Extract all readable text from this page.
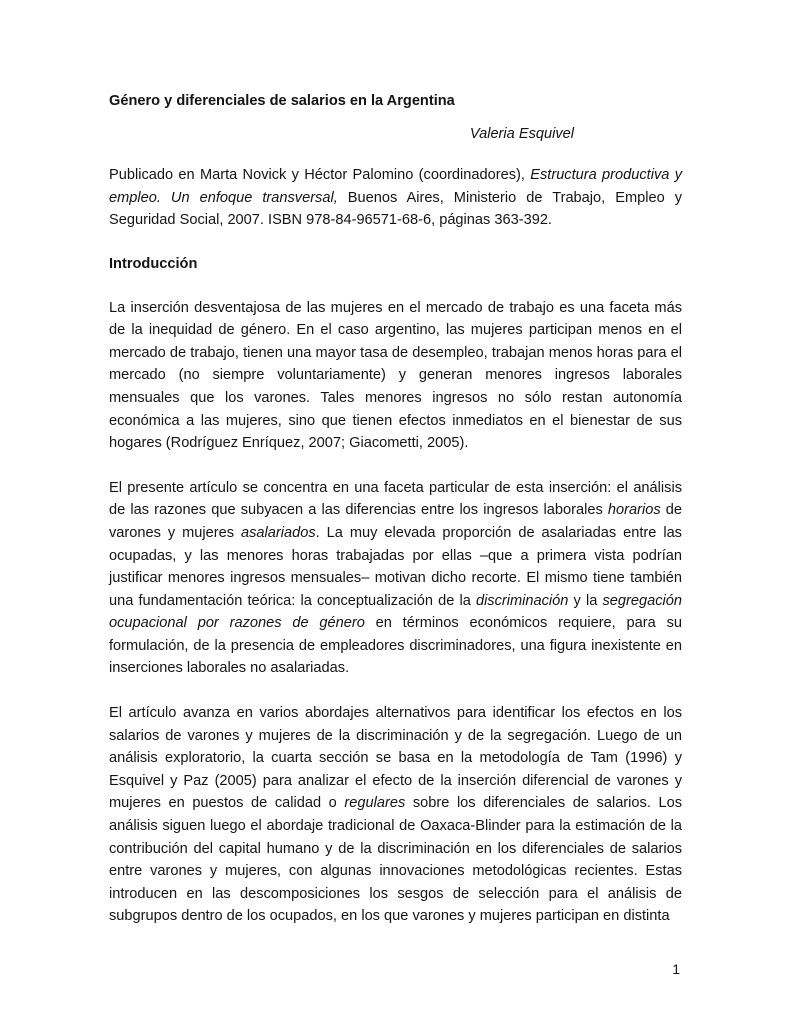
Género y diferenciales de salarios en la Argentina

Valeria Esquivel

Publicado en Marta Novick y Héctor Palomino (coordinadores), Estructura productiva y empleo. Un enfoque transversal, Buenos Aires, Ministerio de Trabajo, Empleo y Seguridad Social, 2007. ISBN 978-84-96571-68-6, páginas 363-392.

Introducción

La inserción desventajosa de las mujeres en el mercado de trabajo es una faceta más de la inequidad de género. En el caso argentino, las mujeres participan menos en el mercado de trabajo, tienen una mayor tasa de desempleo, trabajan menos horas para el mercado (no siempre voluntariamente) y generan menores ingresos laborales mensuales que los varones. Tales menores ingresos no sólo restan autonomía económica a las mujeres, sino que tienen efectos inmediatos en el bienestar de sus hogares (Rodríguez Enríquez, 2007; Giacometti, 2005).

El presente artículo se concentra en una faceta particular de esta inserción: el análisis de las razones que subyacen a las diferencias entre los ingresos laborales horarios de varones y mujeres asalariados. La muy elevada proporción de asalariadas entre las ocupadas, y las menores horas trabajadas por ellas –que a primera vista podrían justificar menores ingresos mensuales– motivan dicho recorte. El mismo tiene también una fundamentación teórica: la conceptualización de la discriminación y la segregación ocupacional por razones de género en términos económicos requiere, para su formulación, de la presencia de empleadores discriminadores, una figura inexistente en inserciones laborales no asalariadas.

El artículo avanza en varios abordajes alternativos para identificar los efectos en los salarios de varones y mujeres de la discriminación y de la segregación. Luego de un análisis exploratorio, la cuarta sección se basa en la metodología de Tam (1996) y Esquivel y Paz (2005) para analizar el efecto de la inserción diferencial de varones y mujeres en puestos de calidad o regulares sobre los diferenciales de salarios. Los análisis siguen luego el abordaje tradicional de Oaxaca-Blinder para la estimación de la contribución del capital humano y de la discriminación en los diferenciales de salarios entre varones y mujeres, con algunas innovaciones metodológicas recientes. Estas introducen en las descomposiciones los sesgos de selección para el análisis de subgrupos dentro de los ocupados, en los que varones y mujeres participan en distinta

1
